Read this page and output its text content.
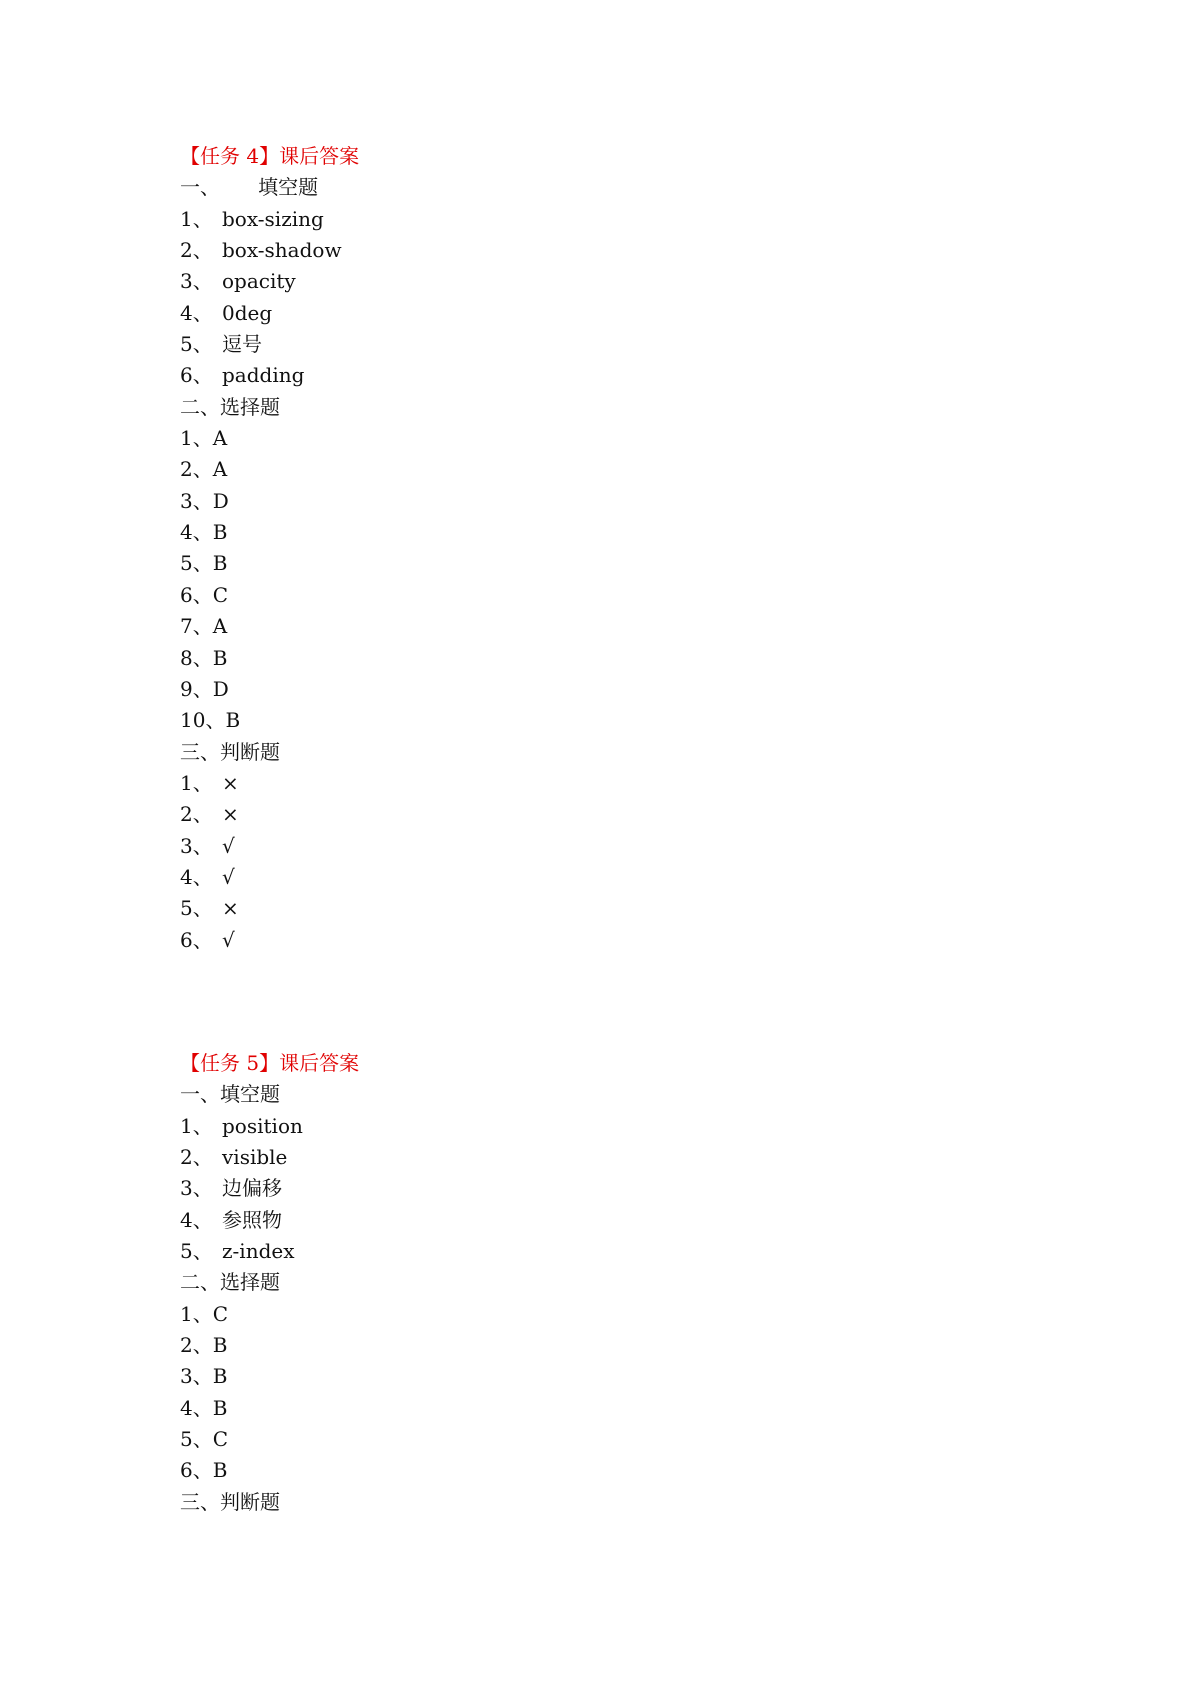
【任务 4】课后答案
一、      填空题
1、 box-sizing
2、 box-shadow
3、 opacity
4、 0deg
5、 逗号
6、 padding
二、选择题
1、A
2、A
3、D
4、B
5、B
6、C
7、A
8、B
9、D
10、B
三、判断题
1、 ×
2、 ×
3、 √
4、 √
5、 ×
6、 √
【任务 5】课后答案
一、填空题
1、 position
2、 visible
3、 边偏移
4、 参照物
5、 z-index
二、选择题
1、C
2、B
3、B
4、B
5、C
6、B
三、判断题
